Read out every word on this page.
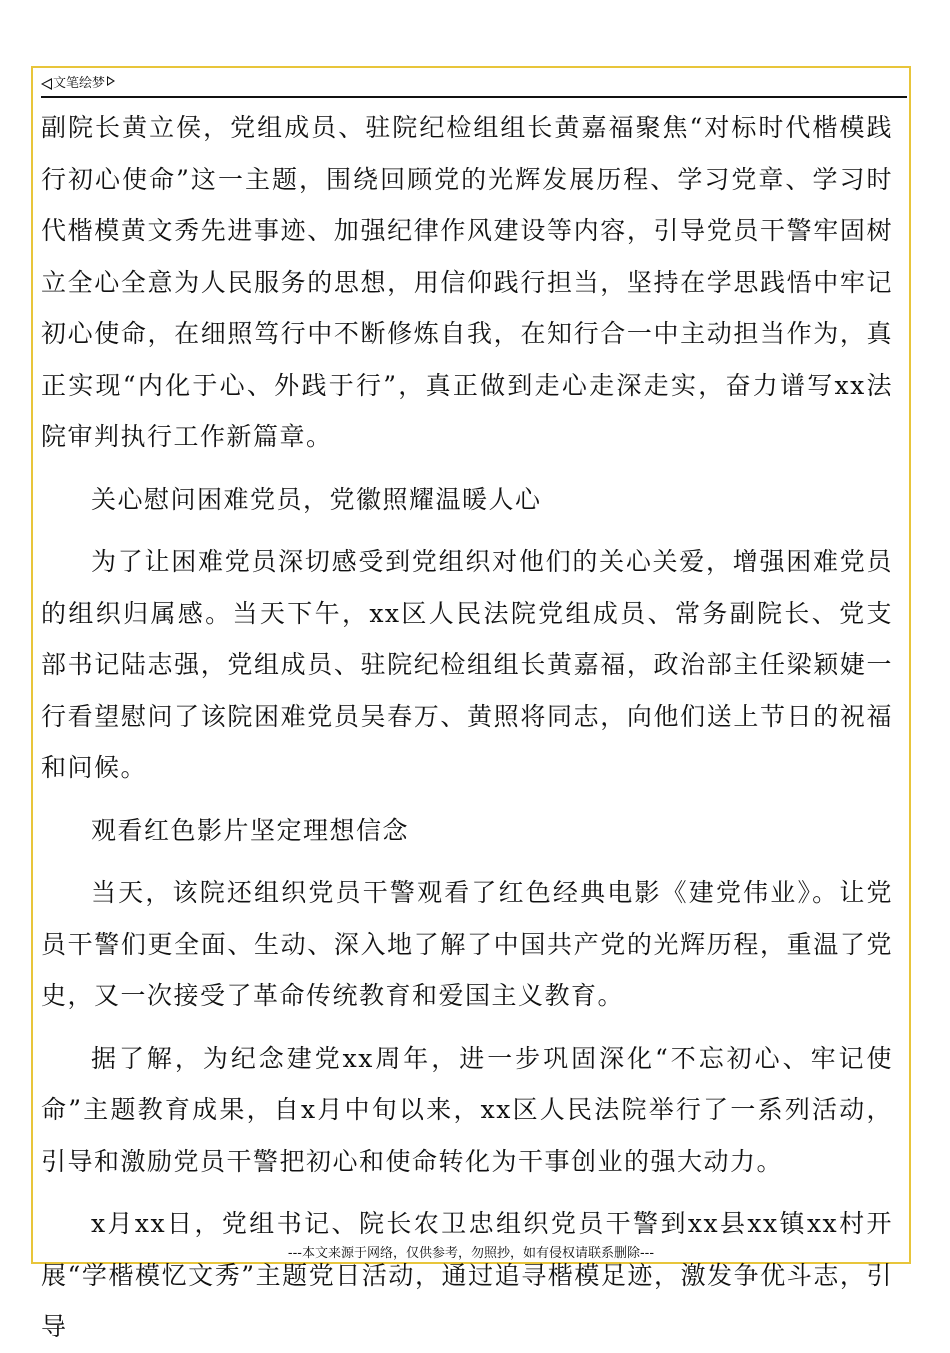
文笔绘梦

副院长黄立侯，党组成员、驻院纪检组组长黄嘉福聚焦“对标时代楷模践行初心使命”这一主题，围绕回顾党的光辉发展历程、学习党章、学习时代楷模黄文秀先进事迹、加强纪律作风建设等内容，引导党员干警牢固树立全心全意为人民服务的思想，用信仰践行担当，坚持在学思践悟中牢记初心使命，在细照笃行中不断修炼自我，在知行合一中主动担当作为，真正实现“内化于心、外践于行”，真正做到走心走深走实，奋力谱写xx法院审判执行工作新篇章。

关心慰问困难党员，党徽照耀温暖人心

为了让困难党员深切感受到党组织对他们的关心关爱，增强困难党员的组织归属感。当天下午，xx区人民法院党组成员、常务副院长、党支部书记陆志强，党组成员、驻院纪检组组长黄嘉福，政治部主任梁颖婕一行看望慰问了该院困难党员吴春万、黄照将同志，向他们送上节日的祝福和问候。

观看红色影片坚定理想信念

当天，该院还组织党员干警观看了红色经典电影《建党伟业》。让党员干警们更全面、生动、深入地了解了中国共产党的光辉历程，重温了党史，又一次接受了革命传统教育和爱国主义教育。

据了解，为纪念建党xx周年，进一步巩固深化“不忘初心、牢记使命”主题教育成果，自x月中旬以来，xx区人民法院举行了一系列活动，引导和激励党员干警把初心和使命转化为干事创业的强大动力。

x月xx日，党组书记、院长农卫忠组织党员干警到xx县xx镇xx村开展“学楷模忆文秀”主题党日活动，通过追寻楷模足迹，激发争优斗志，引导

---本文来源于网络，仅供参考，勿照抄，如有侵权请联系删除---
